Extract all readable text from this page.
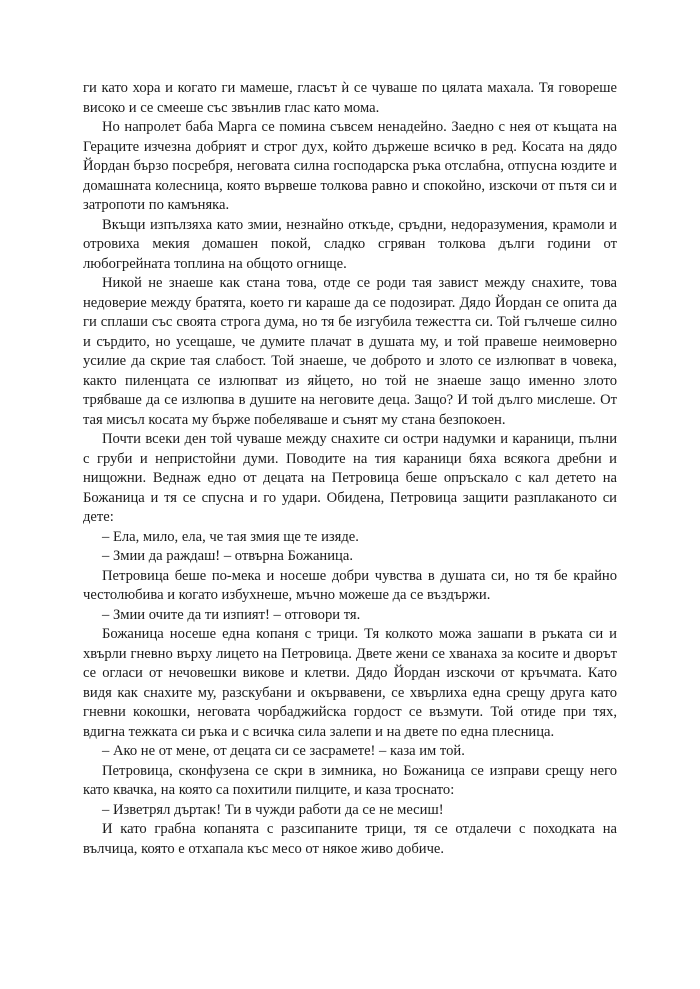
ги като хора и когато ги мамеше, гласът ѝ се чуваше по цялата махала. Тя говореше високо и се смееше със звънлив глас като мома.

Но напролет баба Марга се помина съвсем ненадейно. Заедно с нея от къщата на Гераците изчезна добрият и строг дух, който държеше всичко в ред. Косата на дядо Йордан бързо посребря, неговата силна господарска ръка отслабна, отпусна юздите и домашната колесница, която вървеше толкова равно и спокойно, изскочи от пътя си и затропоти по камъняка.

Вкъщи изпълзяха като змии, незнайно откъде, сръдни, недоразумения, крамоли и отровиха мекия домашен покой, сладко сгряван толкова дълги години от любогрейната топлина на общото огнище.

Никой не знаеше как стана това, отде се роди тая завист между снахите, това недоверие между братята, което ги караше да се подозират. Дядо Йордан се опита да ги сплаши със своята строга дума, но тя бе изгубила тежестта си. Той гълчеше силно и сърдито, но усещаше, че думите плачат в душата му, и той правеше неимоверно усилие да скрие тая слабост. Той знаеше, че доброто и злото се излюпват в човека, както пиленцата се излюпват из яйцето, но той не знаеше защо именно злото трябваше да се излюпва в душите на неговите деца. Защо? И той дълго мислеше. От тая мисъл косата му бърже побеляваше и сънят му стана безпокоен.

Почти всеки ден той чуваше между снахите си остри надумки и караници, пълни с груби и непристойни думи. Поводите на тия караници бяха всякога дребни и нищожни. Веднаж едно от децата на Петровица беше опръскало с кал детето на Божаница и тя се спусна и го удари. Обидена, Петровица защити разплаканото си дете:

– Ела, мило, ела, че тая змия ще те изяде.

– Змии да раждаш! – отвърна Божаница.

Петровица беше по-мека и носеше добри чувства в душата си, но тя бе крайно честолюбива и когато избухнеше, мъчно можеше да се въздържи.

– Змии очите да ти изпият! – отговори тя.

Божаница носеше една копаня с трици. Тя колкото можа зашапи в ръката си и хвърли гневно върху лицето на Петровица. Двете жени се хванаха за косите и дворът се огласи от нечовешки викове и клетви. Дядо Йордан изскочи от кръчмата. Като видя как снахите му, разскубани и окървавени, се хвърлиха една срещу друга като гневни кокошки, неговата чорбаджийска гордост се възмути. Той отиде при тях, вдигна тежката си ръка и с всичка сила залепи и на двете по една плесница.

– Ако не от мене, от децата си се засрамете! – каза им той.

Петровица, сконфузена се скри в зимника, но Божаница се изправи срещу него като квачка, на която са похитили пилците, и каза троснато:

– Изветрял дъртак! Ти в чужди работи да се не месиш!

И като грабна копанята с разсипаните трици, тя се отдалечи с походката на вълчица, която е отхапала къс месо от някое живо добиче.
